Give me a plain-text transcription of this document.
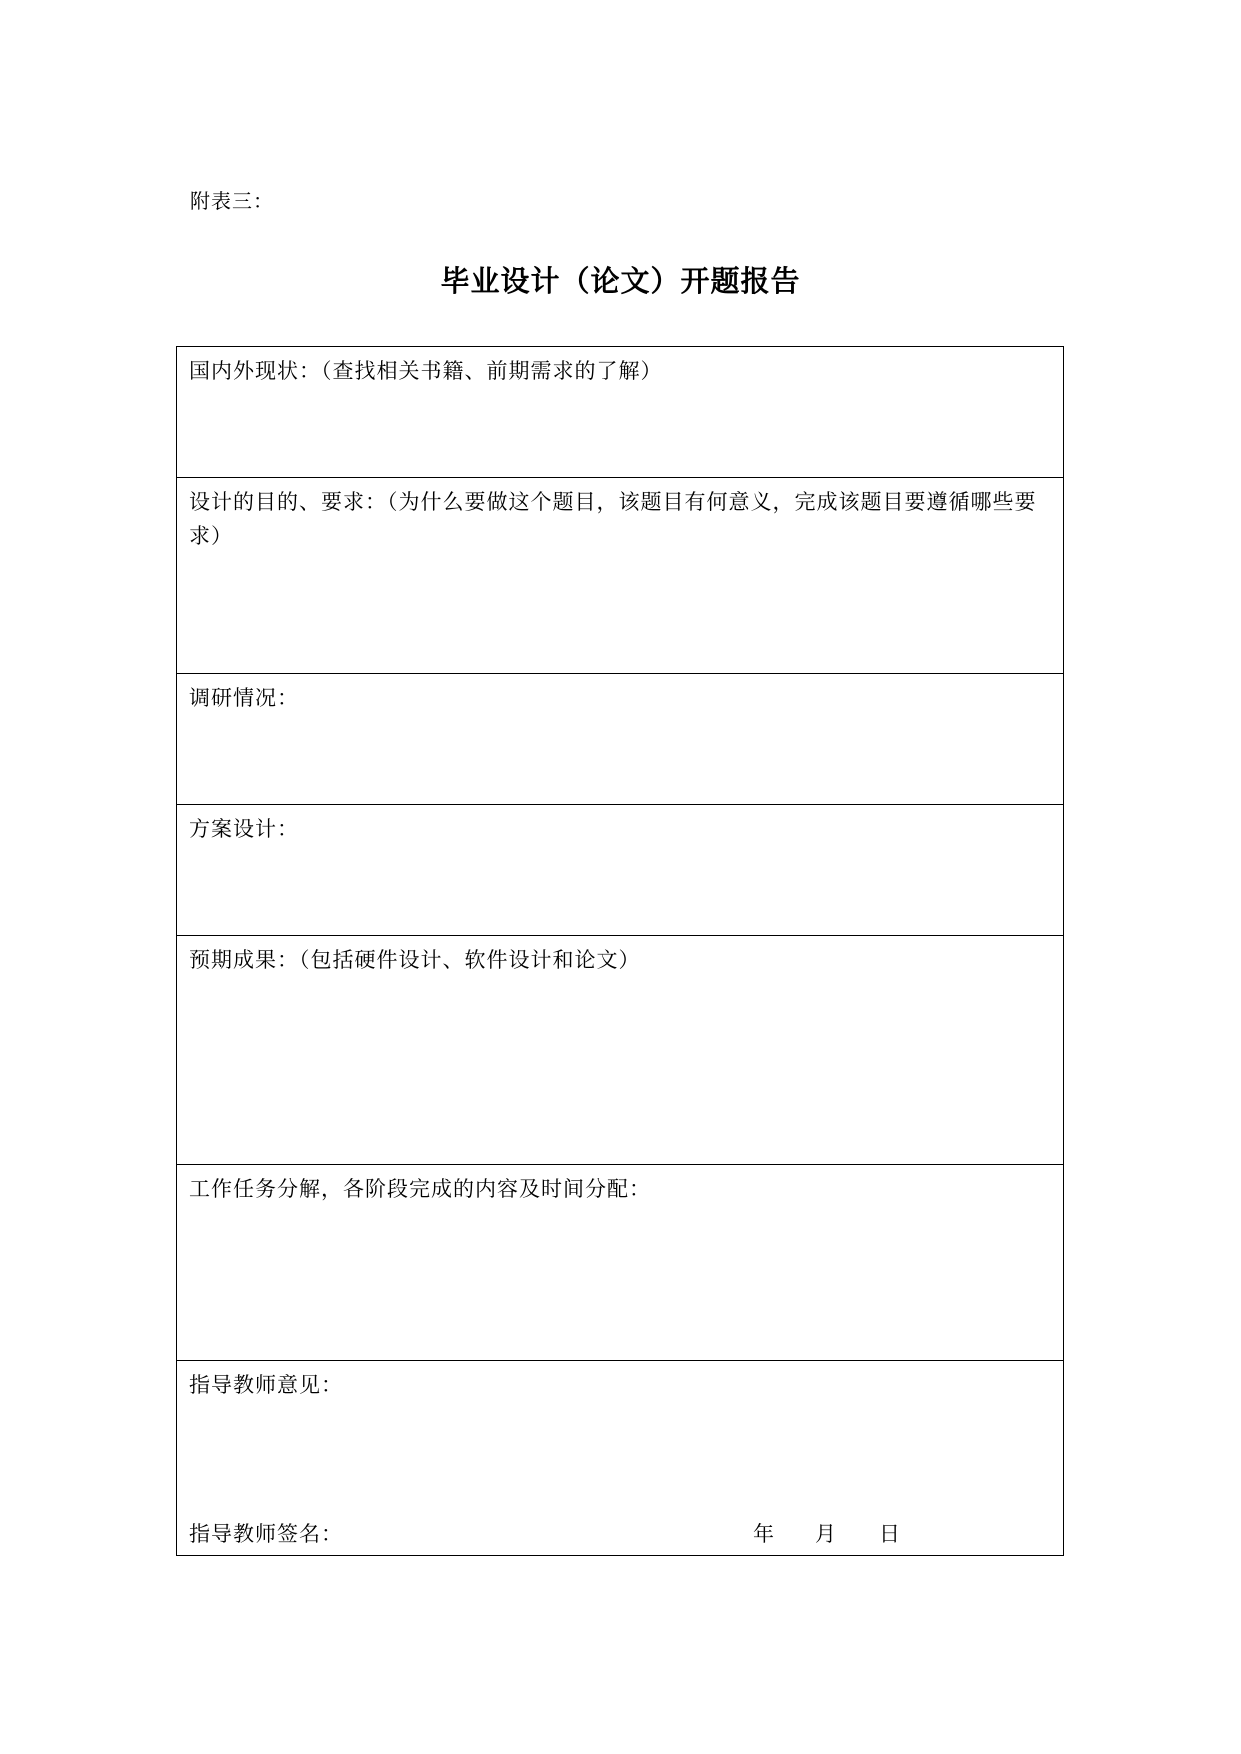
附表三：
毕业设计（论文）开题报告
国内外现状：（查找相关书籍、前期需求的了解）
设计的目的、要求：（为什么要做这个题目，该题目有何意义，完成该题目要遵循哪些要求）
调研情况：
方案设计：
预期成果：（包括硬件设计、软件设计和论文）
工作任务分解，各阶段完成的内容及时间分配：
指导教师意见：
指导教师签名：	年 月 日
